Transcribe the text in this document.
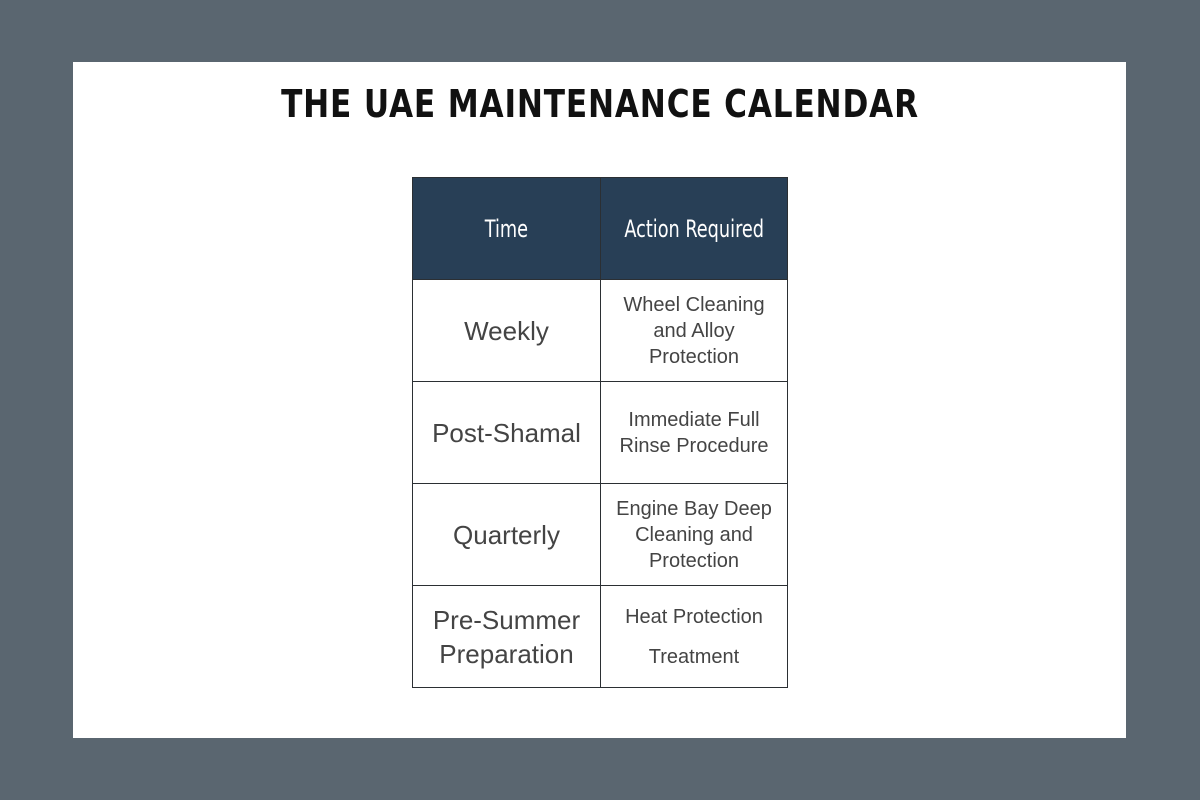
THE UAE MAINTENANCE CALENDAR
Time	Action Required
Weekly	Wheel Cleaning and Alloy Protection
Post-Shamal	Immediate Full Rinse Procedure
Quarterly	Engine Bay Deep Cleaning and Protection
Pre-Summer Preparation	Heat Protection Treatment
